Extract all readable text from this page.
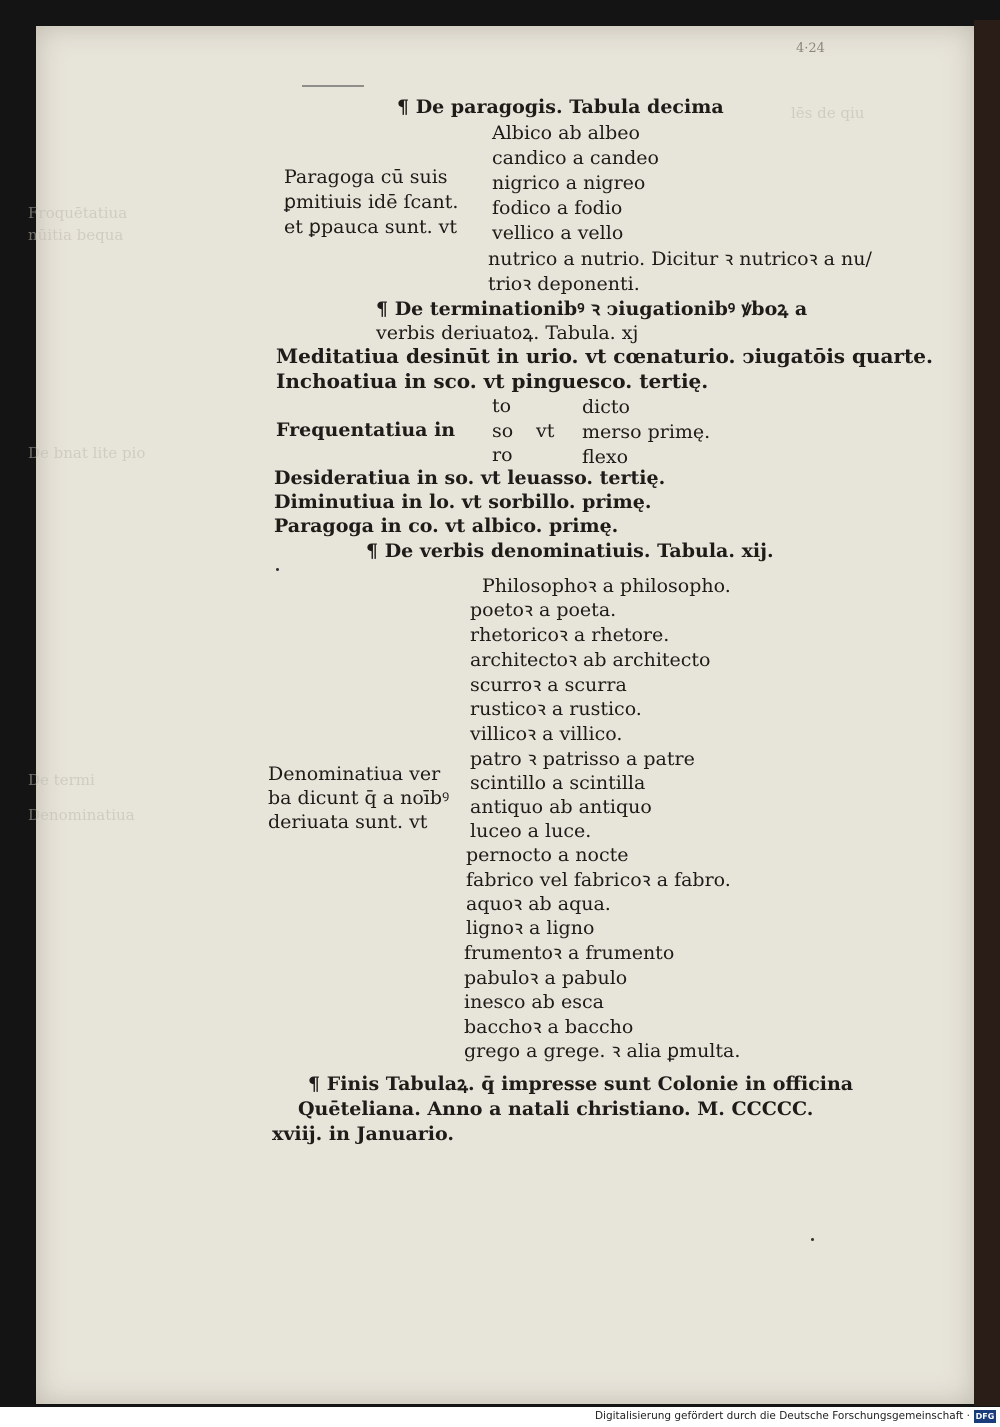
lēs de qiu
Froquētatiua
nūitia bequa
De bnat lite pio
Denominatiua
De termi
4·24
¶ De paragogis. Tabula decima
Albico ab albeo
candico a candeo
nigrico a nigreo
fodico a fodio
vellico a vello
nutrico a nutrio. Dicitur ꝛ nutricoꝛ a nu/
trioꝛ deponenti.
Paragoga cū suis
ꝑmitiuis idē ſcant.
et ꝑpauca sunt. vt
¶ De terminationibꝰ ꝛ ↄiugationibꝰ ꝟboꝝ a
verbis deriuatoꝝ. Tabula. xj
Meditatiua desinūt in urio. vt cœnaturio. ↄiugatōis quarte.
Inchoatiua in sco. vt pinguesco. tertię.
Frequentatiua in
to
so
ro
vt
dicto
merso primę.
flexo
Desideratiua in so. vt leuasso. tertię.
Diminutiua in lo. vt sorbillo. primę.
Paragoga in co. vt albico. primę.
¶ De verbis denominatiuis. Tabula. xij.
Philosophoꝛ a philosopho.
poetoꝛ a poeta.
rhetoricoꝛ a rhetore.
architectoꝛ ab architecto
scurroꝛ a scurra
rusticoꝛ a rustico.
villicoꝛ a villico.
patro ꝛ patrisso a patre
scintillo a scintilla
antiquo ab antiquo
luceo a luce.
pernocto a nocte
fabrico vel fabricoꝛ a fabro.
aquoꝛ ab aqua.
lignoꝛ a ligno
frumentoꝛ a frumento
pabuloꝛ a pabulo
inesco ab esca
bacchoꝛ a baccho
grego a grege. ꝛ alia ꝑmulta.
Denominatiua ver
ba dicunt q̄ a noībꝰ
deriuata sunt. vt
¶ Finis Tabulaꝝ. q̄ impresse sunt Colonie in officina
Quēteliana. Anno a natali christiano. M. CCCCC.
xviij. in Januario.
Digitalisierung gefördert durch die Deutsche Forschungsgemeinschaft · DFG
